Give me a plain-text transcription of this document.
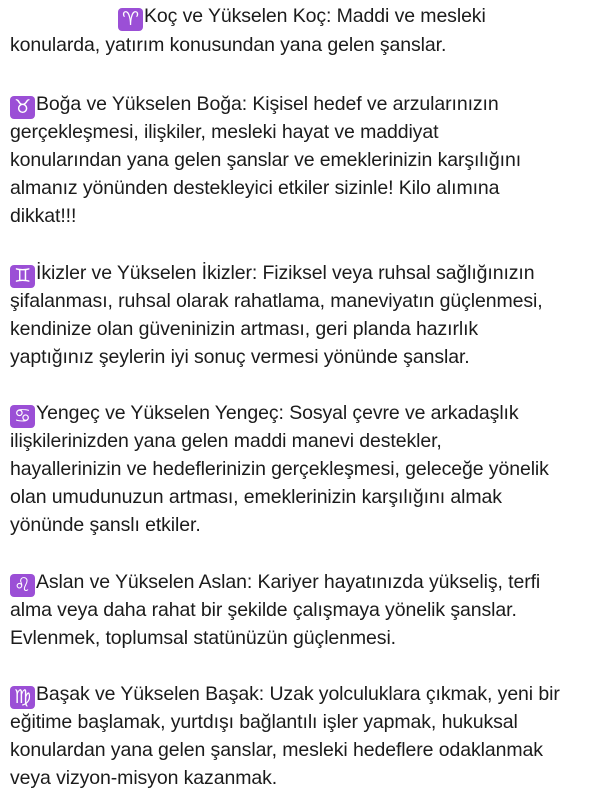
♈ Koç ve Yükselen Koç: Maddi ve mesleki
konularda, yatırım konusundan yana gelen şanslar.
♉ Boğa ve Yükselen Boğa: Kişisel hedef ve arzularınızın
gerçekleşmesi, ilişkiler, mesleki hayat ve maddiyat
konularından yana gelen şanslar ve emeklerinizin karşılığını
almanız yönünden destekleyici etkiler sizinle! Kilo alımına
dikkat!!!
♊ İkizler ve Yükselen İkizler: Fiziksel veya ruhsal sağlığınızın
şifalanması, ruhsal olarak rahatlama, maneviyatın güçlenmesi,
kendinize olan güveninizin artması, geri planda hazırlık
yaptığınız şeylerin iyi sonuç vermesi yönünde şanslar.
♋ Yengeç ve Yükselen Yengeç: Sosyal çevre ve arkadaşlık
ilişkilerinizden yana gelen maddi manevi destekler,
hayallerinizin ve hedeflerinizin gerçekleşmesi, geleceğe yönelik
olan umudunuzun artması, emeklerinizin karşılığını almak
yönünde şanslı etkiler.
♌ Aslan ve Yükselen Aslan: Kariyer hayatınızda yükseliş, terfi
alma veya daha rahat bir şekilde çalışmaya yönelik şanslar.
Evlenmek, toplumsal statünüzün güçlenmesi.
♍ Başak ve Yükselen Başak: Uzak yolculuklara çıkmak, yeni bir
eğitime başlamak, yurtdışı bağlantılı işler yapmak, hukuksal
konulardan yana gelen şanslar, mesleki hedeflere odaklanmak
veya vizyon-misyon kazanmak.
